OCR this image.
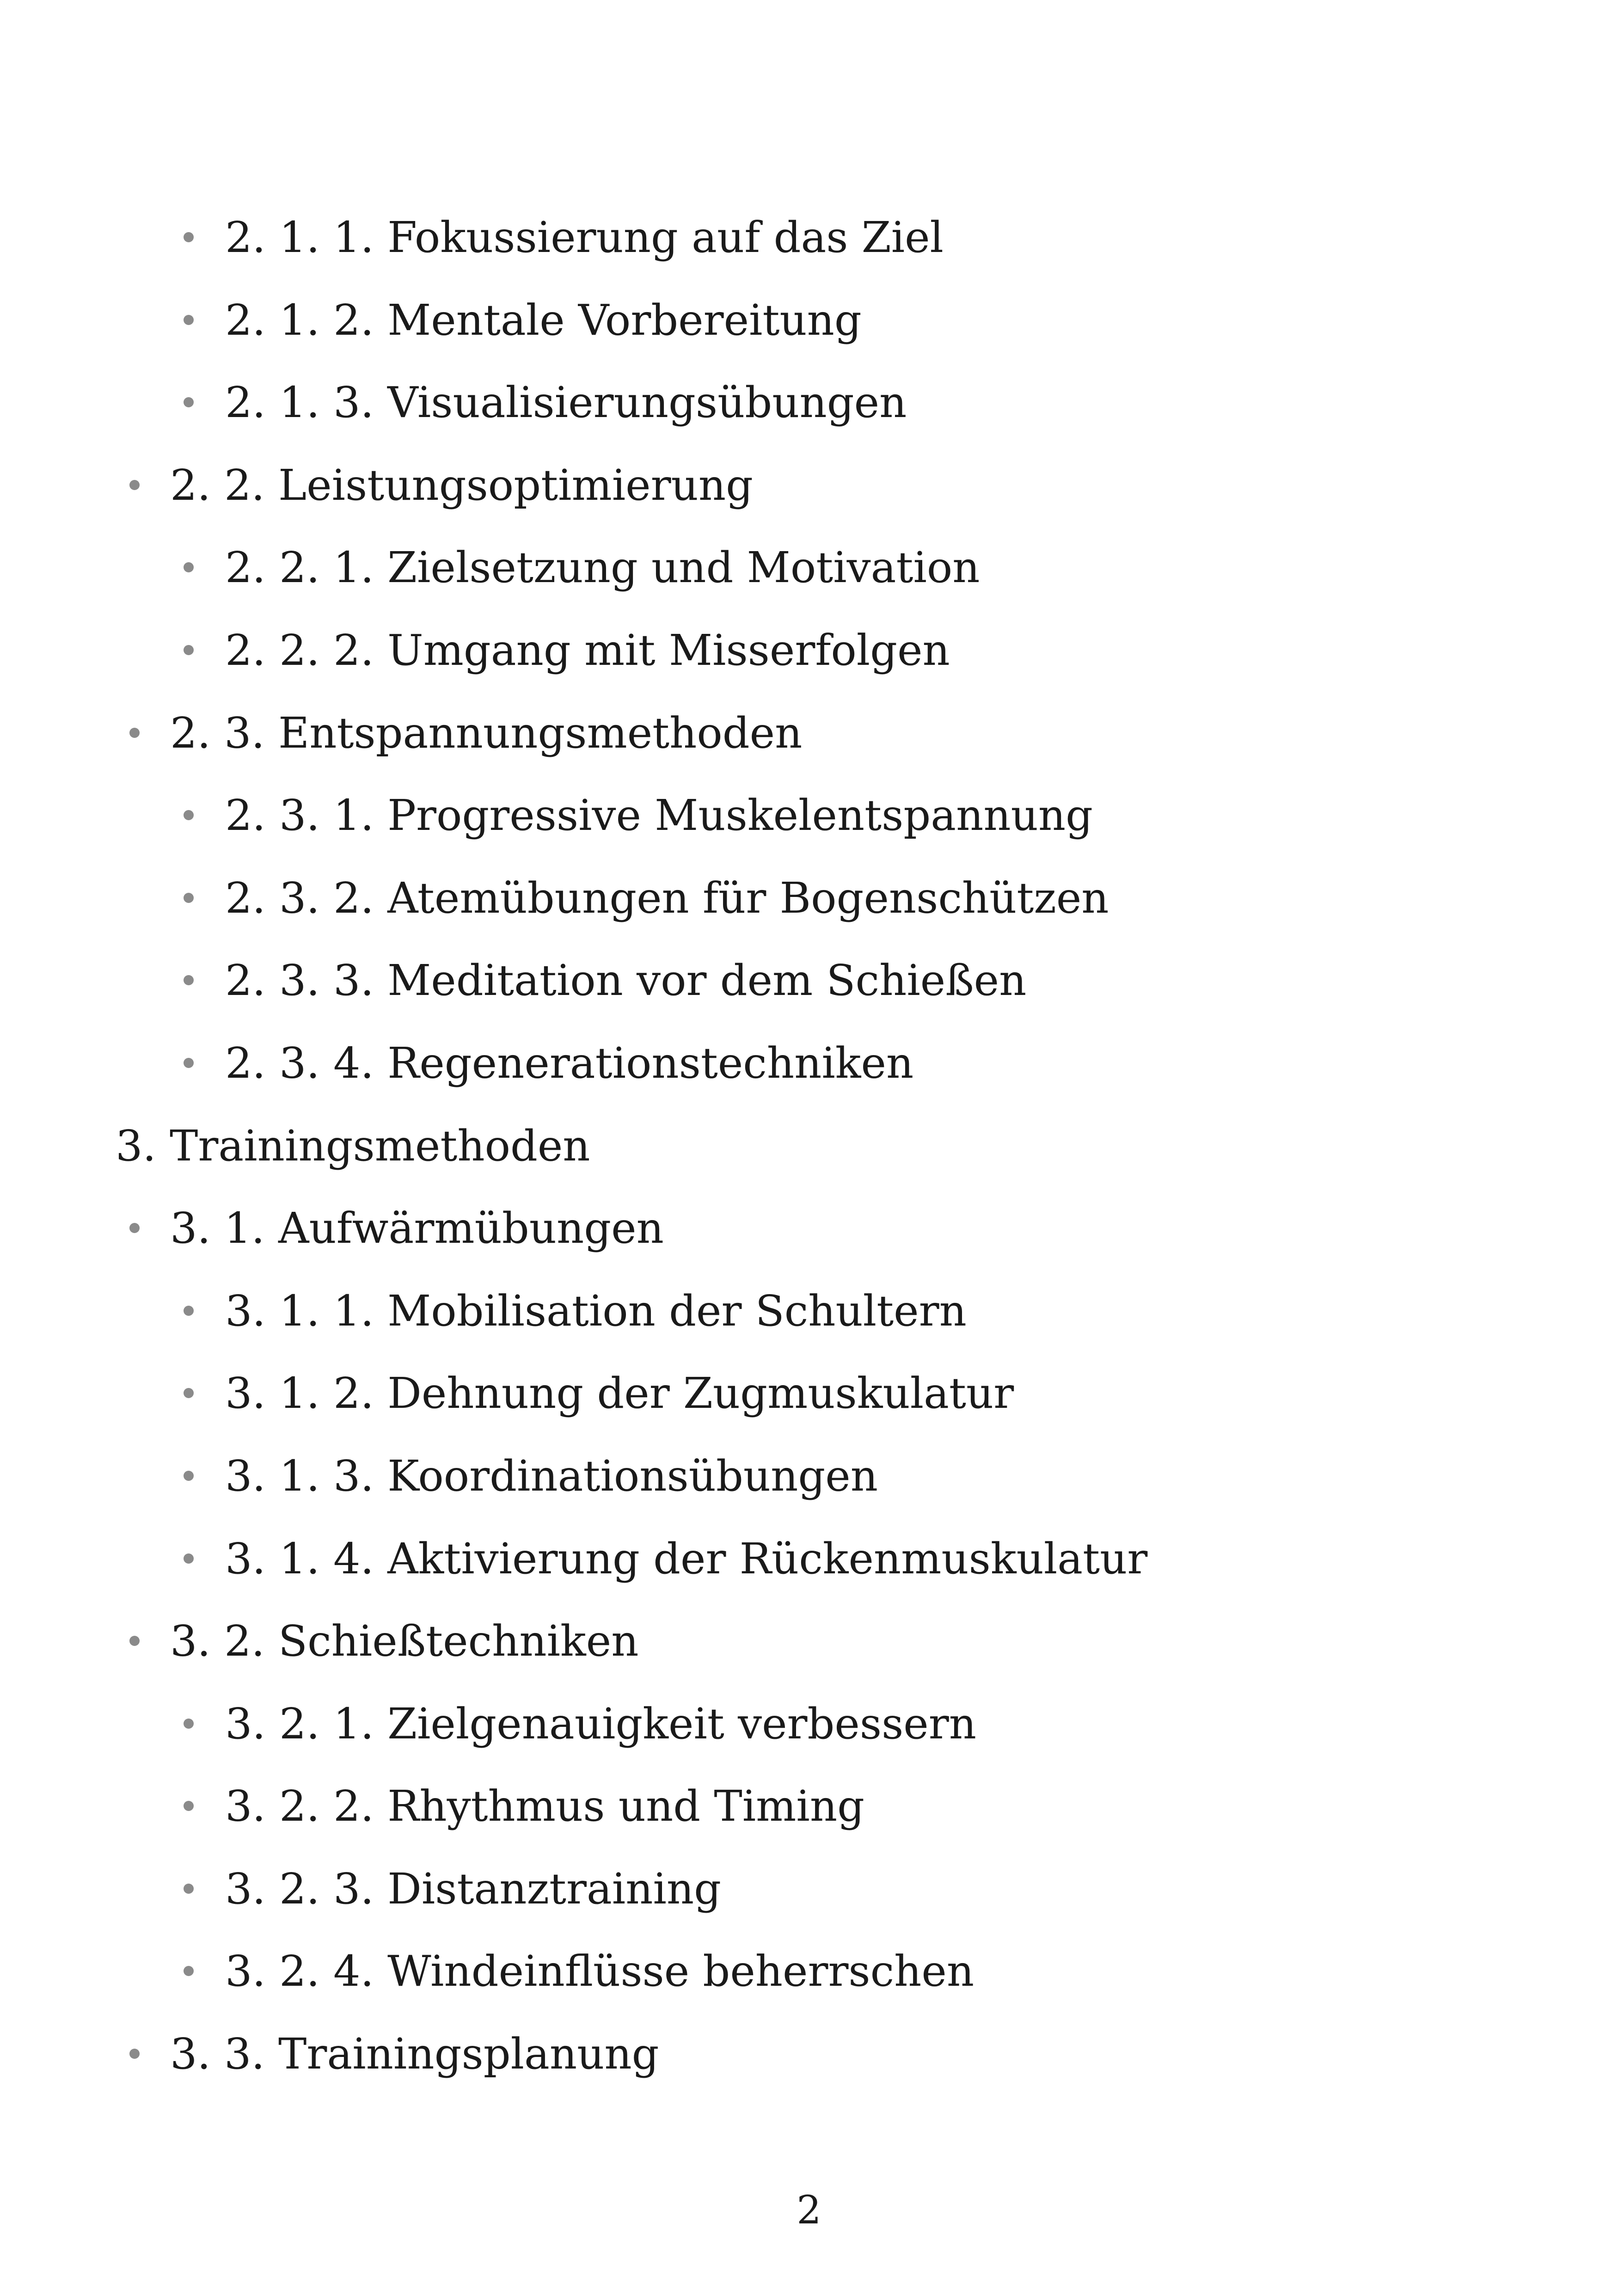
2. 1. 1. Fokussierung auf das Ziel
2. 1. 2. Mentale Vorbereitung
2. 1. 3. Visualisierungsübungen
2. 2. Leistungsoptimierung
2. 2. 1. Zielsetzung und Motivation
2. 2. 2. Umgang mit Misserfolgen
2. 3. Entspannungsmethoden
2. 3. 1. Progressive Muskelentspannung
2. 3. 2. Atemübungen für Bogenschützen
2. 3. 3. Meditation vor dem Schießen
2. 3. 4. Regenerationstechniken
3. Trainingsmethoden
3. 1. Aufwärmübungen
3. 1. 1. Mobilisation der Schultern
3. 1. 2. Dehnung der Zugmuskulatur
3. 1. 3. Koordinationsübungen
3. 1. 4. Aktivierung der Rückenmuskulatur
3. 2. Schießtechniken
3. 2. 1. Zielgenauigkeit verbessern
3. 2. 2. Rhythmus und Timing
3. 2. 3. Distanztraining
3. 2. 4. Windeinflüsse beherrschen
3. 3. Trainingsplanung
2
